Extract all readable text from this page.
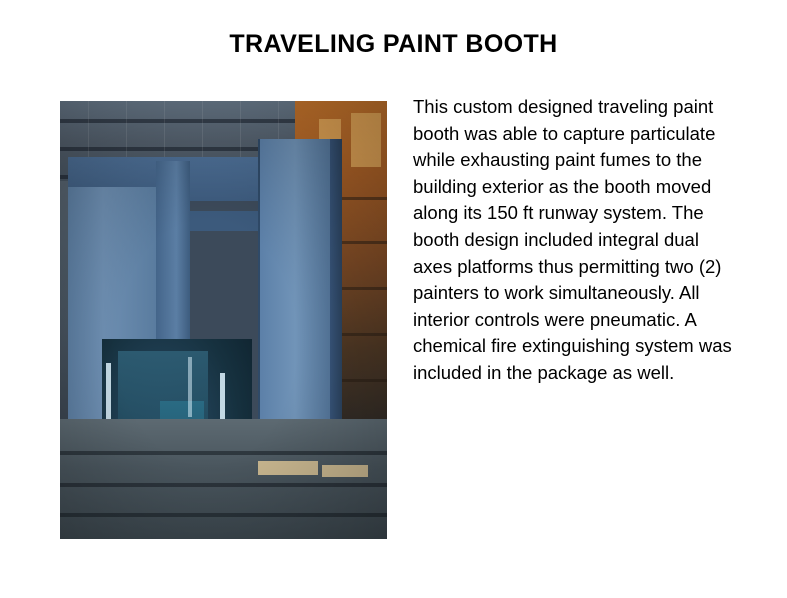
TRAVELING PAINT BOOTH
This custom designed traveling paint booth was able to capture particulate while exhausting paint fumes to the building exterior as the booth moved along its 150 ft runway system. The booth design included integral dual axes platforms thus permitting two (2) painters to work simultaneously. All interior controls were pneumatic. A chemical fire extinguishing system was included in the package as well.
